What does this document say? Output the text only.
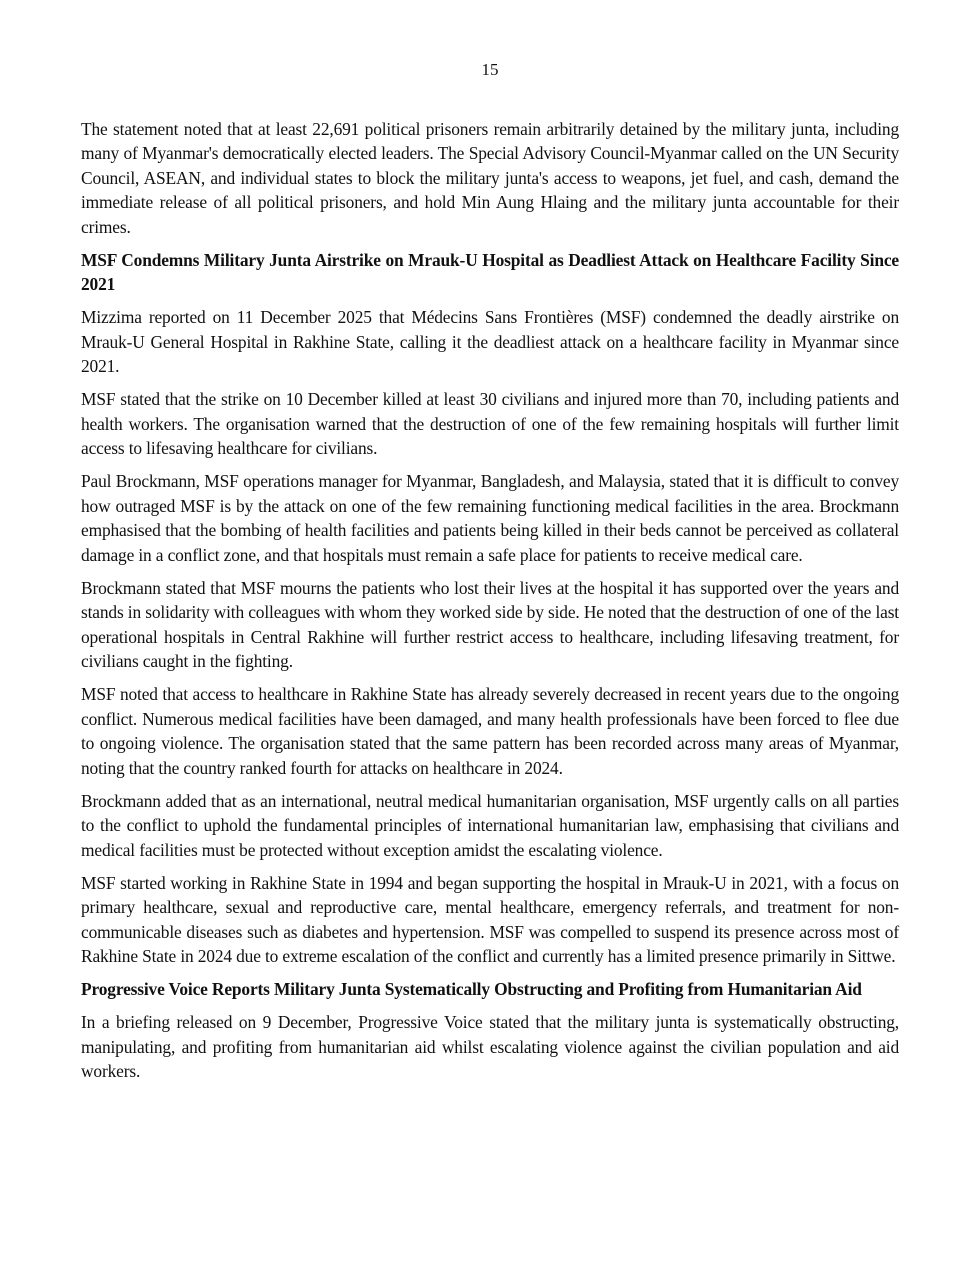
15

The statement noted that at least 22,691 political prisoners remain arbitrarily detained by the military junta, including many of Myanmar's democratically elected leaders. The Special Advisory Council-Myanmar called on the UN Security Council, ASEAN, and individual states to block the military junta's access to weapons, jet fuel, and cash, demand the immediate release of all political prisoners, and hold Min Aung Hlaing and the military junta accountable for their crimes.

MSF Condemns Military Junta Airstrike on Mrauk-U Hospital as Deadliest Attack on Healthcare Facility Since 2021

Mizzima reported on 11 December 2025 that Médecins Sans Frontières (MSF) condemned the deadly airstrike on Mrauk-U General Hospital in Rakhine State, calling it the deadliest attack on a healthcare facility in Myanmar since 2021.

MSF stated that the strike on 10 December killed at least 30 civilians and injured more than 70, including patients and health workers. The organisation warned that the destruction of one of the few remaining hospitals will further limit access to lifesaving healthcare for civilians.

Paul Brockmann, MSF operations manager for Myanmar, Bangladesh, and Malaysia, stated that it is difficult to convey how outraged MSF is by the attack on one of the few remaining functioning medical facilities in the area. Brockmann emphasised that the bombing of health facilities and patients being killed in their beds cannot be perceived as collateral damage in a conflict zone, and that hospitals must remain a safe place for patients to receive medical care.

Brockmann stated that MSF mourns the patients who lost their lives at the hospital it has supported over the years and stands in solidarity with colleagues with whom they worked side by side. He noted that the destruction of one of the last operational hospitals in Central Rakhine will further restrict access to healthcare, including lifesaving treatment, for civilians caught in the fighting.

MSF noted that access to healthcare in Rakhine State has already severely decreased in recent years due to the ongoing conflict. Numerous medical facilities have been damaged, and many health professionals have been forced to flee due to ongoing violence. The organisation stated that the same pattern has been recorded across many areas of Myanmar, noting that the country ranked fourth for attacks on healthcare in 2024.

Brockmann added that as an international, neutral medical humanitarian organisation, MSF urgently calls on all parties to the conflict to uphold the fundamental principles of international humanitarian law, emphasising that civilians and medical facilities must be protected without exception amidst the escalating violence.

MSF started working in Rakhine State in 1994 and began supporting the hospital in Mrauk-U in 2021, with a focus on primary healthcare, sexual and reproductive care, mental healthcare, emergency referrals, and treatment for non-communicable diseases such as diabetes and hypertension. MSF was compelled to suspend its presence across most of Rakhine State in 2024 due to extreme escalation of the conflict and currently has a limited presence primarily in Sittwe.

Progressive Voice Reports Military Junta Systematically Obstructing and Profiting from Humanitarian Aid

In a briefing released on 9 December, Progressive Voice stated that the military junta is systematically obstructing, manipulating, and profiting from humanitarian aid whilst escalating violence against the civilian population and aid workers.
